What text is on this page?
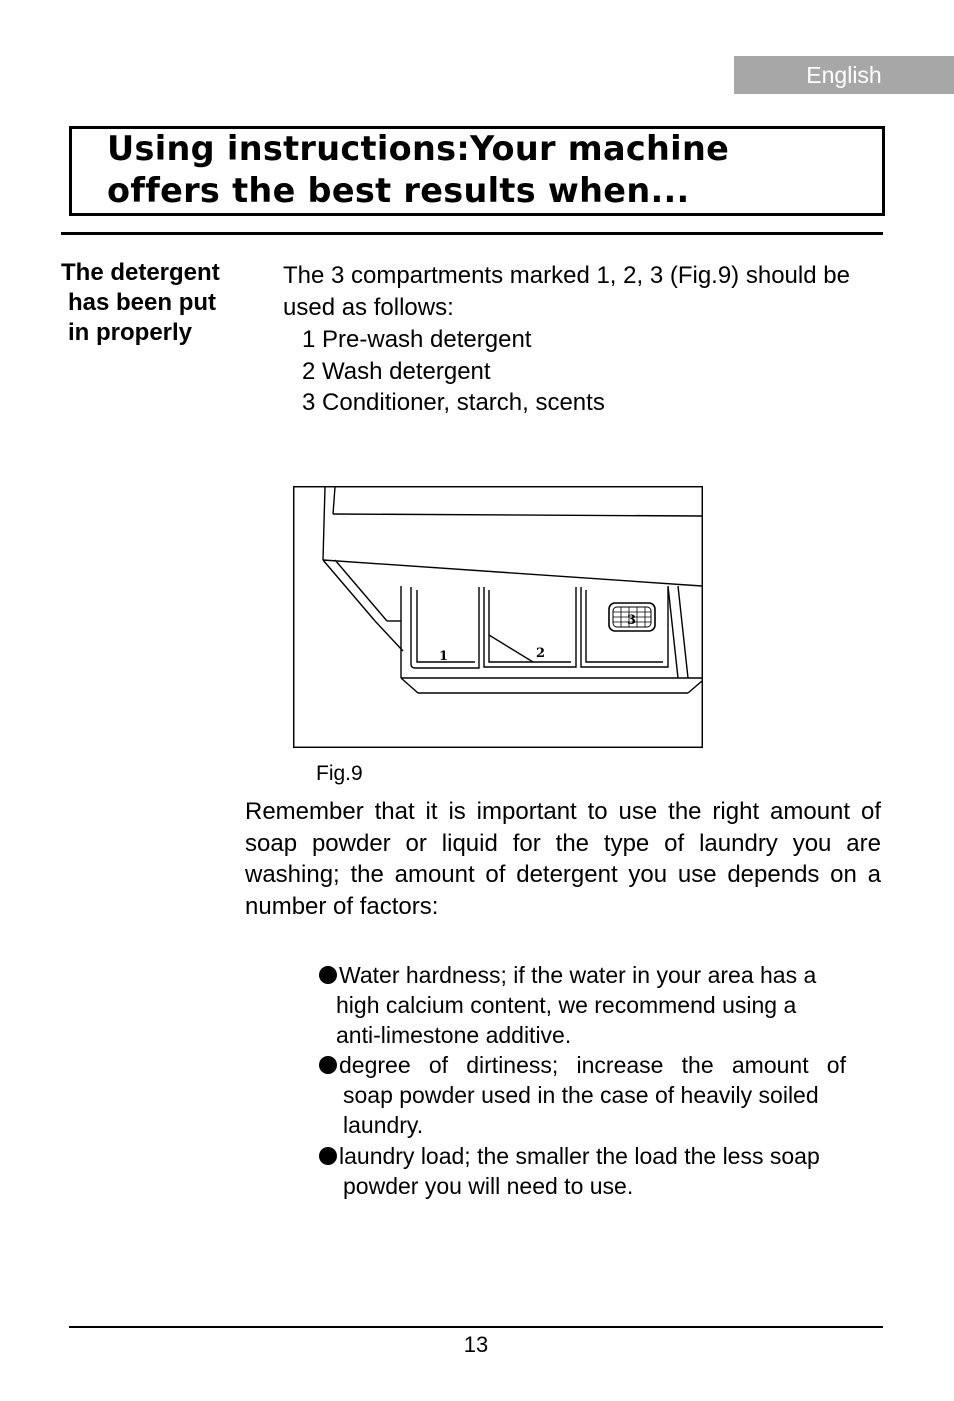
English
Using instructions:Your machine
offers the best results when...
The detergent
has been put
in properly
The 3 compartments marked 1, 2, 3 (Fig.9) should be
used as follows:
1 Pre-wash detergent
2 Wash detergent
3 Conditioner, starch, scents
1	2
3
Fig.9
Remember that it is important to use the right amount of
soap powder or liquid for the type of laundry you are
washing; the amount of detergent you use depends on a
number of factors:
Water hardness; if the water in your area has a
high calcium content, we recommend using a
anti-limestone additive.
degree of dirtiness; increase the amount of
soap powder used in the case of heavily soiled
laundry.
laundry load; the smaller the load the less soap
powder you will need to use.
13
